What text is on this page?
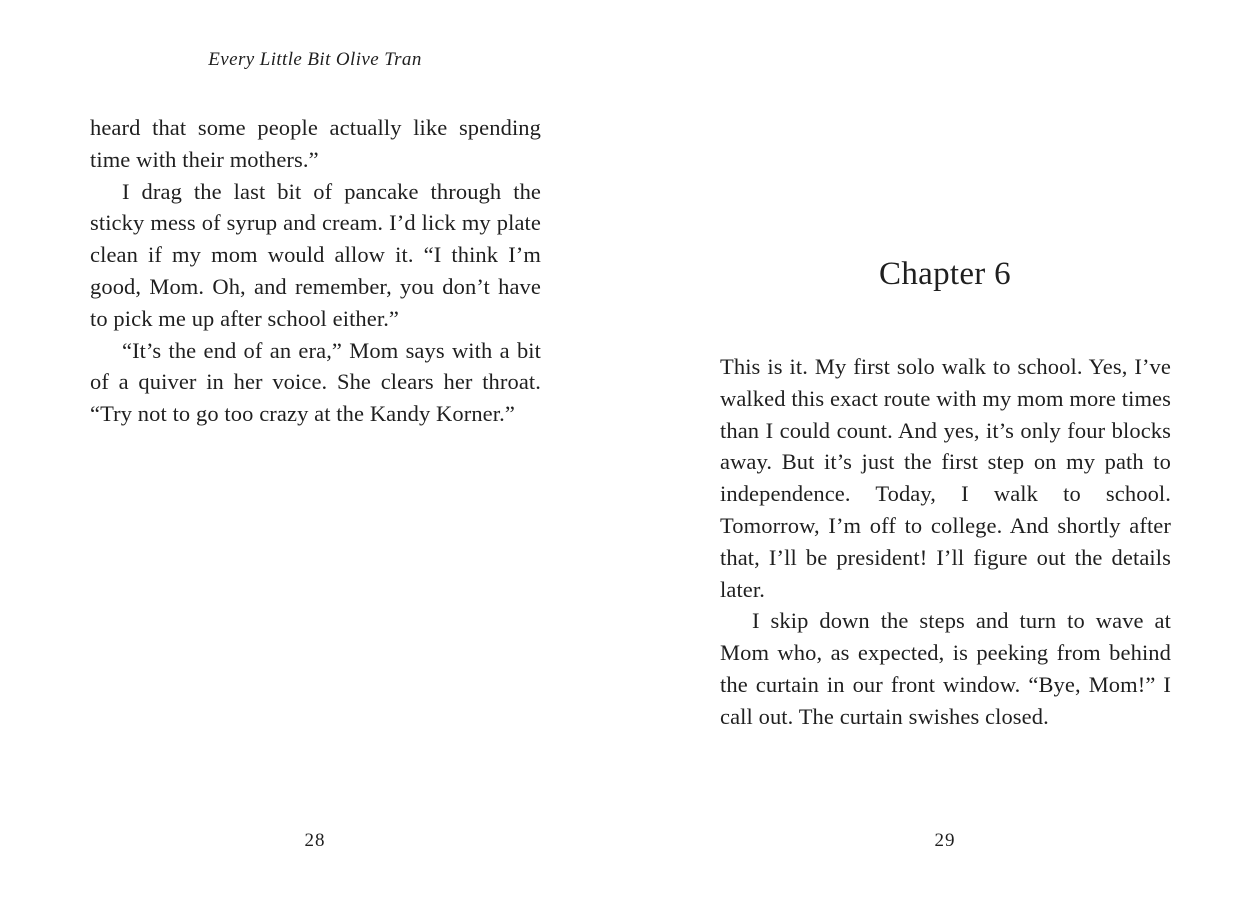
Every Little Bit Olive Tran

heard that some people actually like spending time with their mothers.”

I drag the last bit of pancake through the sticky mess of syrup and cream. I’d lick my plate clean if my mom would allow it. “I think I’m good, Mom. Oh, and remember, you don’t have to pick me up after school either.”

“It’s the end of an era,” Mom says with a bit of a quiver in her voice. She clears her throat. “Try not to go too crazy at the Kandy Korner.”

28
Chapter 6

This is it. My first solo walk to school. Yes, I’ve walked this exact route with my mom more times than I could count. And yes, it’s only four blocks away. But it’s just the first step on my path to independence. Today, I walk to school. Tomorrow, I’m off to college. And shortly after that, I’ll be president! I’ll figure out the details later.

I skip down the steps and turn to wave at Mom who, as expected, is peeking from behind the curtain in our front window. “Bye, Mom!” I call out. The curtain swishes closed.

29
